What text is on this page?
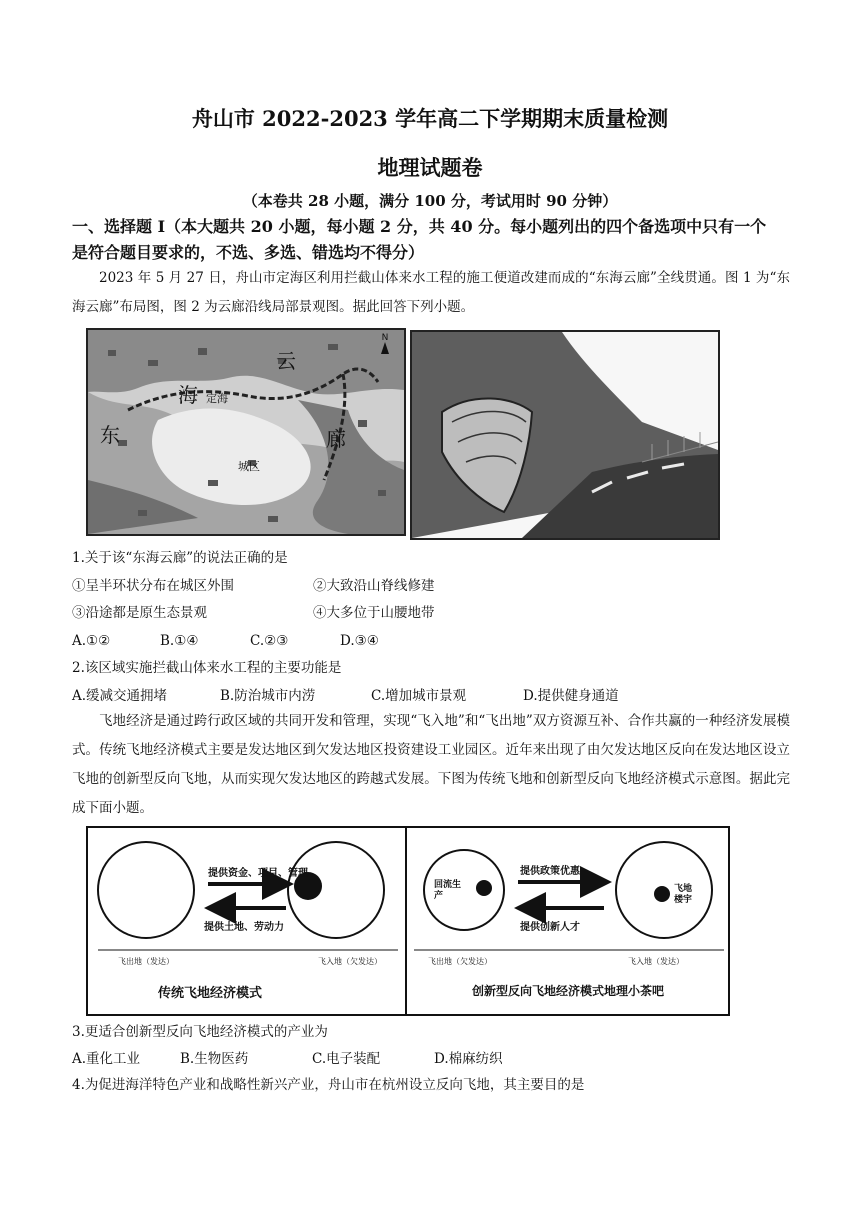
舟山市 2022-2023 学年高二下学期期末质量检测
地理试题卷
（本卷共 28 小题，满分 100 分，考试用时 90 分钟）
一、选择题 I（本大题共 20 小题，每小题 2 分，共 40 分。每小题列出的四个备选项中只有一个
是符合题目要求的，不选、多选、错选均不得分）
2023 年 5 月 27 日，舟山市定海区利用拦截山体来水工程的施工便道改建而成的“东海云廊”全线贯通。图 1 为“东海云廊”布局图，图 2 为云廊沿线局部景观图。据此回答下列小题。
N
云
海
东	廊
定海
城区
1.关于该“东海云廊”的说法正确的是
①呈半环状分布在城区外围	②大致沿山脊线修建
③沿途都是原生态景观	④大多位于山腰地带
A.①②	B.①④	C.②③	D.③④
2.该区域实施拦截山体来水工程的主要功能是
A.缓减交通拥堵	B.防治城市内涝	C.增加城市景观	D.提供健身通道
飞地经济是通过跨行政区域的共同开发和管理，实现“飞入地”和“飞出地”双方资源互补、合作共赢的一种经济发展模式。传统飞地经济模式主要是发达地区到欠发达地区投资建设工业园区。近年来出现了由欠发达地区反向在发达地区设立飞地的创新型反向飞地，从而实现欠发达地区的跨越式发展。下图为传统飞地和创新型反向飞地经济模式示意图。据此完成下面小题。
提供资金、项目、管理
提供土地、劳动力
飞出地（发达）	飞入地（欠发达）
传统飞地经济模式
提供政策优惠
提供创新人才
回流生产
飞地楼宇
飞出地（欠发达）	飞入地（发达）
创新型反向飞地经济模式地理小茶吧
3.更适合创新型反向飞地经济模式的产业为
A.重化工业	B.生物医药	C.电子装配	D.棉麻纺织
4.为促进海洋特色产业和战略性新兴产业，舟山市在杭州设立反向飞地，其主要目的是
